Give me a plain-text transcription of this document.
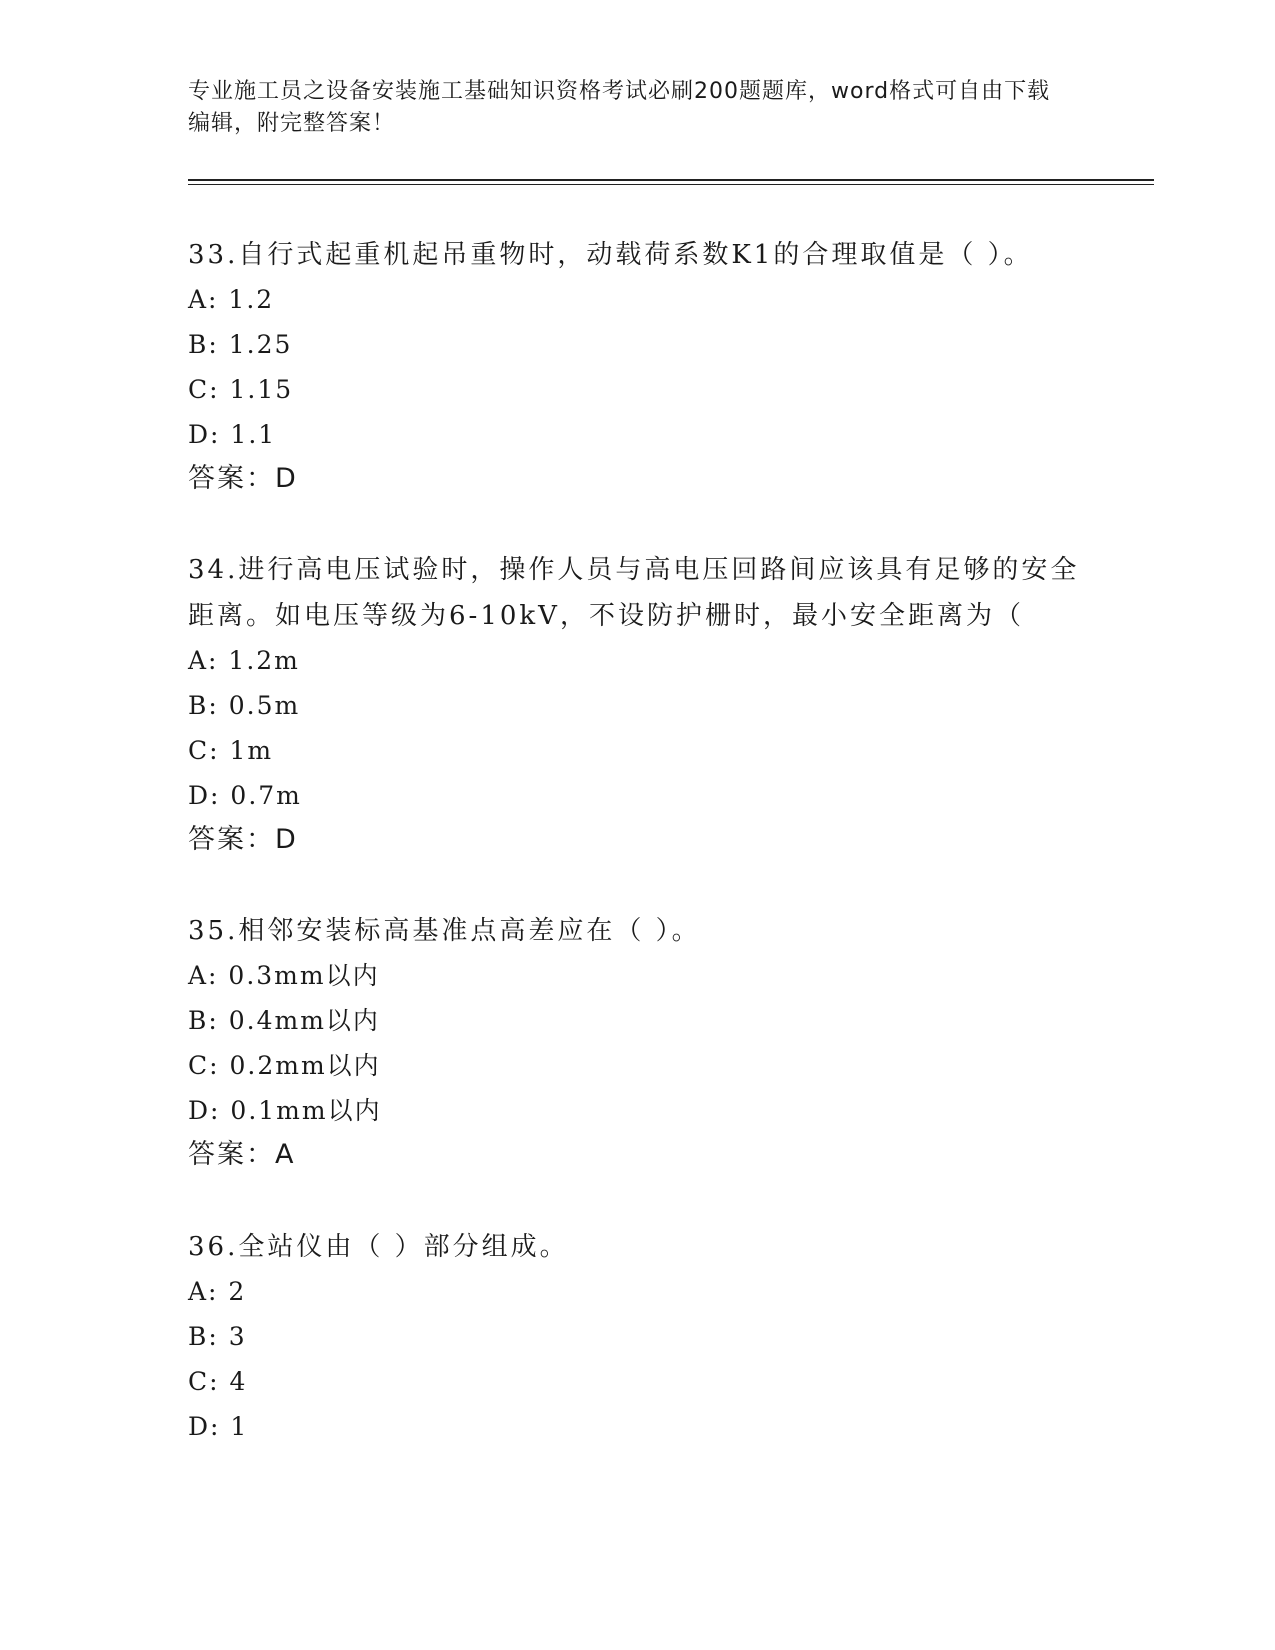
专业施工员之设备安装施工基础知识资格考试必刷200题题库，word格式可自由下载编辑，附完整答案！
33.自行式起重机起吊重物时，动载荷系数K1的合理取值是（ ）。
A: 1.2
B: 1.25
C: 1.15
D: 1.1
答案：D
34.进行高电压试验时，操作人员与高电压回路间应该具有足够的安全距离。如电压等级为6-10kV，不设防护栅时，最小安全距离为（
A: 1.2m
B: 0.5m
C: 1m
D: 0.7m
答案：D
35.相邻安装标高基准点高差应在（ ）。
A: 0.3mm以内
B: 0.4mm以内
C: 0.2mm以内
D: 0.1mm以内
答案：A
36.全站仪由（ ）部分组成。
A: 2
B: 3
C: 4
D: 1
